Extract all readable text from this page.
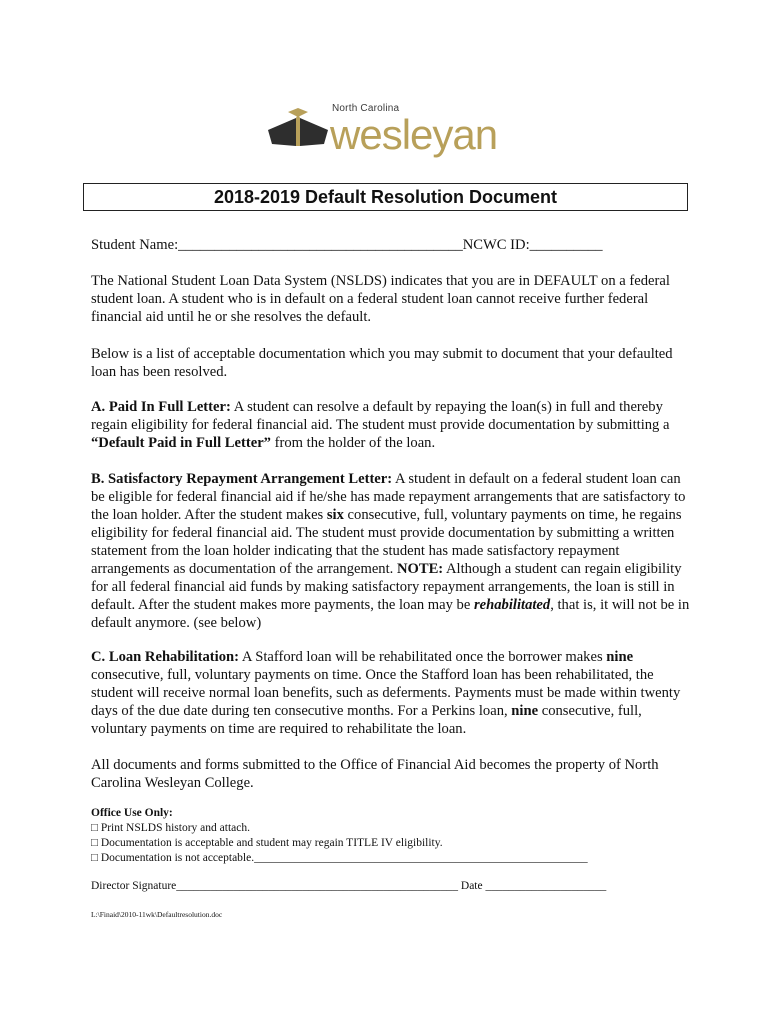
North Carolina
wesleyan
2018-2019 Default Resolution Document
Student Name:_______________________________________NCWC ID:__________

The National Student Loan Data System (NSLDS) indicates that you are in DEFAULT on a federal student loan. A student who is in default on a federal student loan cannot receive further federal financial aid until he or she resolves the default.

Below is a list of acceptable documentation which you may submit to document that your defaulted loan has been resolved.

A. Paid In Full Letter: A student can resolve a default by repaying the loan(s) in full and thereby regain eligibility for federal financial aid. The student must provide documentation by submitting a “Default Paid in Full Letter” from the holder of the loan.

B. Satisfactory Repayment Arrangement Letter: A student in default on a federal student loan can be eligible for federal financial aid if he/she has made repayment arrangements that are satisfactory to the loan holder. After the student makes six consecutive, full, voluntary payments on time, he regains eligibility for federal financial aid. The student must provide documentation by submitting a written statement from the loan holder indicating that the student has made satisfactory repayment arrangements as documentation of the arrangement. NOTE: Although a student can regain eligibility for all federal financial aid funds by making satisfactory repayment arrangements, the loan is still in default. After the student makes more payments, the loan may be rehabilitated, that is, it will not be in default anymore. (see below)

C. Loan Rehabilitation: A Stafford loan will be rehabilitated once the borrower makes nine consecutive, full, voluntary payments on time. Once the Stafford loan has been rehabilitated, the student will receive normal loan benefits, such as deferments. Payments must be made within twenty days of the due date during ten consecutive months. For a Perkins loan, nine consecutive, full, voluntary payments on time are required to rehabilitate the loan.

All documents and forms submitted to the Office of Financial Aid becomes the property of North Carolina Wesleyan College.

Office Use Only:
□ Print NSLDS history and attach.
□ Documentation is acceptable and student may regain TITLE IV eligibility.
□ Documentation is not acceptable.__________________________________________________________
Director Signature_________________________________________________ Date _____________________
L:\Finaid\2010-11wk\Defaultresolution.doc
